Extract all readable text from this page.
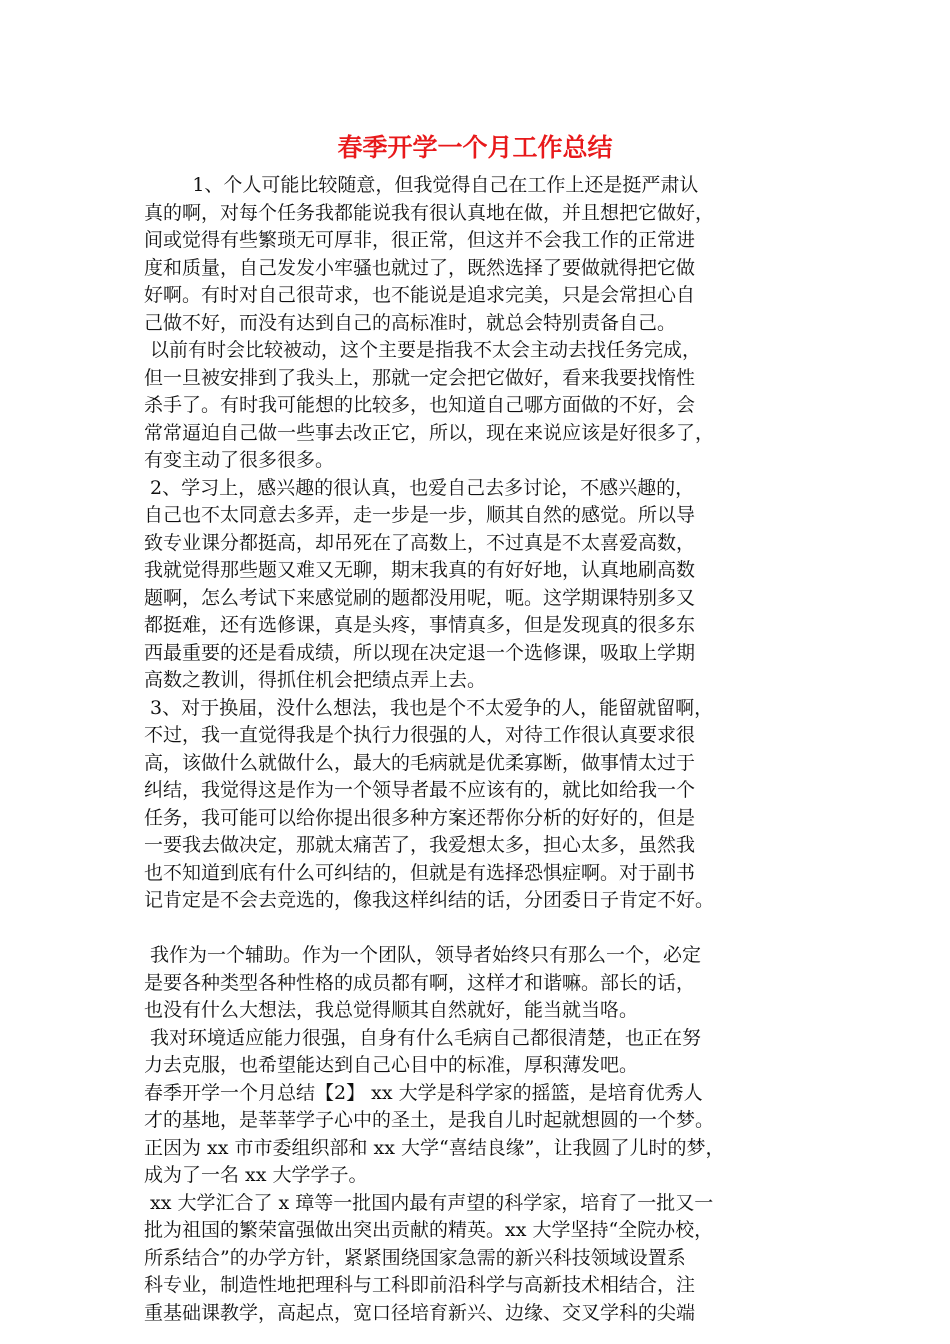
春季开学一个月工作总结

1、个人可能比较随意，但我觉得自己在工作上还是挺严肃认
真的啊，对每个任务我都能说我有很认真地在做，并且想把它做好，
间或觉得有些繁琐无可厚非，很正常，但这并不会我工作的正常进
度和质量，自己发发小牢骚也就过了，既然选择了要做就得把它做
好啊。有时对自己很苛求，也不能说是追求完美，只是会常担心自
己做不好，而没有达到自己的高标准时，就总会特别责备自己。

以前有时会比较被动，这个主要是指我不太会主动去找任务完成，
但一旦被安排到了我头上，那就一定会把它做好，看来我要找惰性
杀手了。有时我可能想的比较多，也知道自己哪方面做的不好，会
常常逼迫自己做一些事去改正它，所以，现在来说应该是好很多了，
有变主动了很多很多。

2、学习上，感兴趣的很认真，也爱自己去多讨论，不感兴趣的，
自己也不太同意去多弄，走一步是一步，顺其自然的感觉。所以导
致专业课分都挺高，却吊死在了高数上，不过真是不太喜爱高数，
我就觉得那些题又难又无聊，期末我真的有好好地，认真地刷高数
题啊，怎么考试下来感觉刷的题都没用呢，呃。这学期课特别多又
都挺难，还有选修课，真是头疼，事情真多，但是发现真的很多东
西最重要的还是看成绩，所以现在决定退一个选修课，吸取上学期
高数之教训，得抓住机会把绩点弄上去。

3、对于换届，没什么想法，我也是个不太爱争的人，能留就留啊，
不过，我一直觉得我是个执行力很强的人，对待工作很认真要求很
高，该做什么就做什么，最大的毛病就是优柔寡断，做事情太过于
纠结，我觉得这是作为一个领导者最不应该有的，就比如给我一个
任务，我可能可以给你提出很多种方案还帮你分析的好好的，但是
一要我去做决定，那就太痛苦了，我爱想太多，担心太多，虽然我
也不知道到底有什么可纠结的，但就是有选择恐惧症啊。对于副书
记肯定是不会去竞选的，像我这样纠结的话，分团委日子肯定不好。

我作为一个辅助。作为一个团队，领导者始终只有那么一个，必定
是要各种类型各种性格的成员都有啊，这样才和谐嘛。部长的话，
也没有什么大想法，我总觉得顺其自然就好，能当就当咯。

我对环境适应能力很强，自身有什么毛病自己都很清楚，也正在努
力去克服，也希望能达到自己心目中的标准，厚积薄发吧。

春季开学一个月总结【2】 xx 大学是科学家的摇篮，是培育优秀人
才的基地，是莘莘学子心中的圣土，是我自儿时起就想圆的一个梦。
正因为 xx 市市委组织部和 xx 大学“喜结良缘”，让我圆了儿时的梦，
成为了一名 xx 大学学子。

xx 大学汇合了 x 璋等一批国内最有声望的科学家，培育了一批又一
批为祖国的繁荣富强做出突出贡献的精英。xx 大学坚持“全院办校，
所系结合”的办学方针，紧紧围绕国家急需的新兴科技领域设置系
科专业，制造性地把理科与工科即前沿科学与高新技术相结合，注
重基础课教学，高起点，宽口径培育新兴、边缘、交叉学科的尖端
